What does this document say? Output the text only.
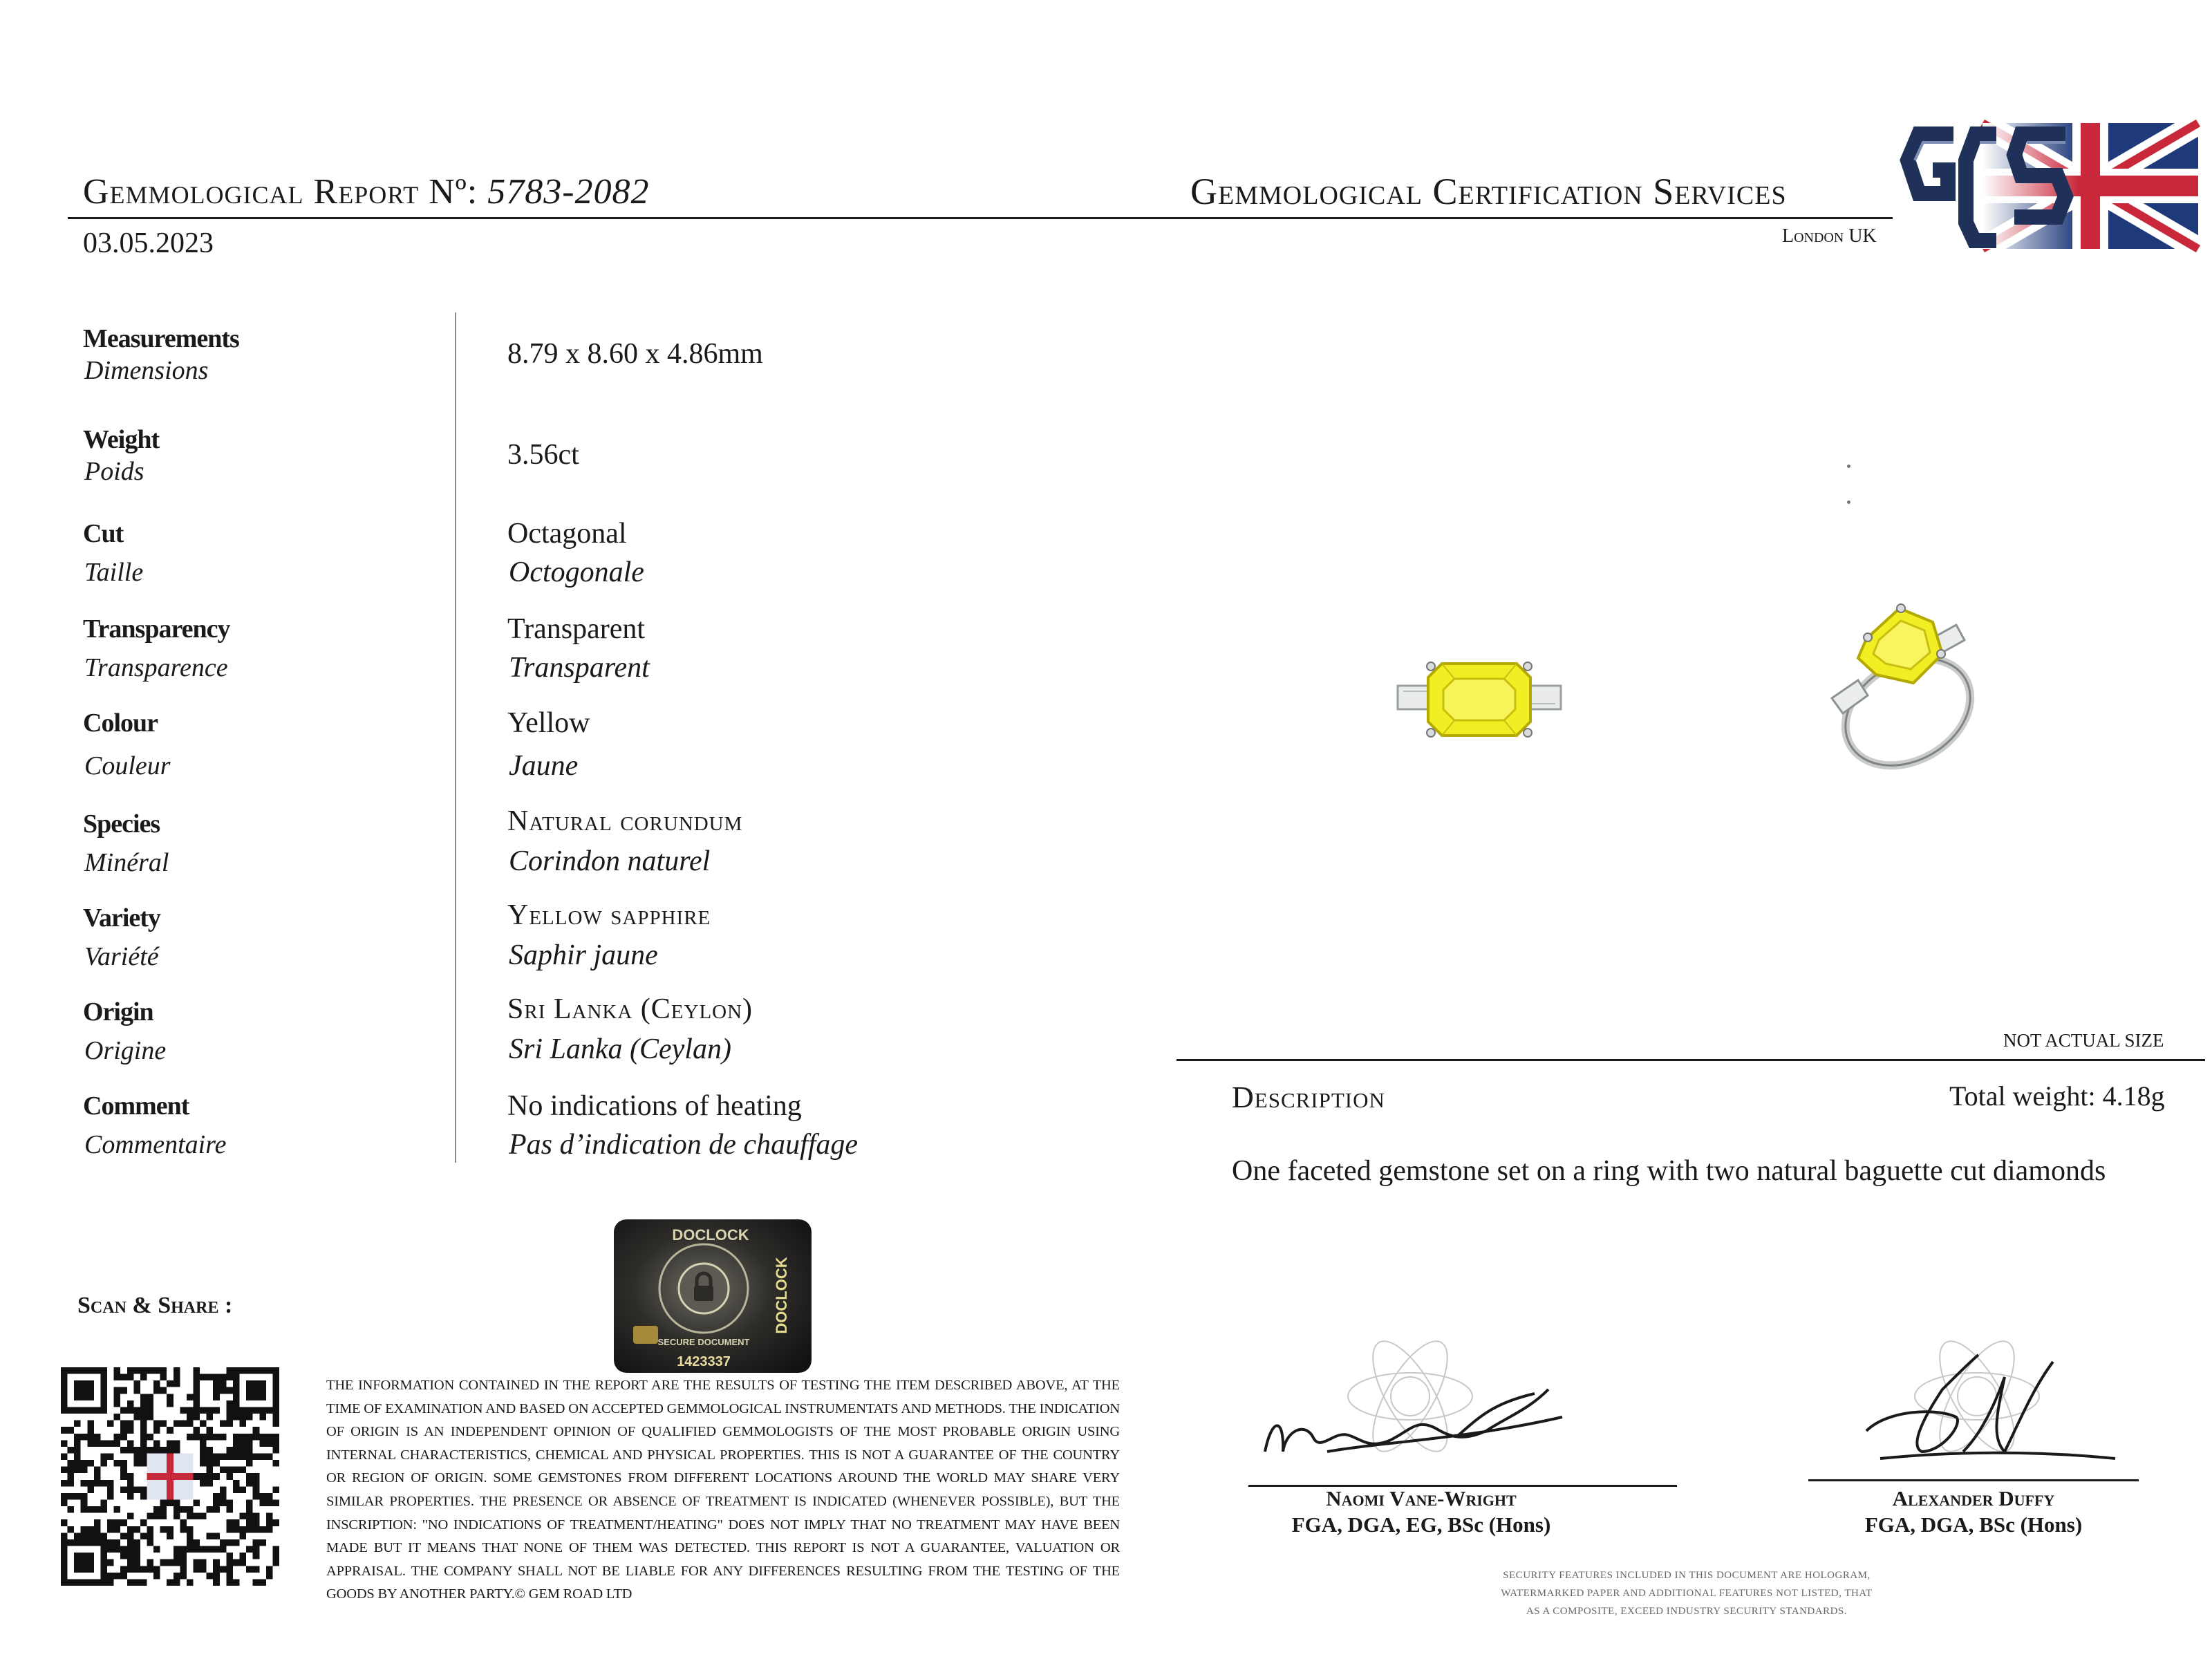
Gemmological Report Nº: 5783-2082
03.05.2023
Gemmological Certification Services
London UK
Measurements
Dimensions
8.79 x 8.60 x 4.86mm
Weight
Poids
3.56ct
Cut
Taille
Octagonal
Octogonale
Transparency
Transparence
Transparent
Transparent
Colour
Couleur
Yellow
Jaune
Species
Minéral
Natural corundum
Corindon naturel
Variety
Variété
Yellow sapphire
Saphir jaune
Origin
Origine
Sri Lanka (Ceylon)
Sri Lanka (Ceylan)
Comment
Commentaire
No indications of heating
Pas d’indication de chauffage
NOT ACTUAL SIZE
Description	Total weight: 4.18g
One faceted gemstone set on a ring with two natural baguette cut diamonds
Scan & Share :
DOCLOCK
SECURE DOCUMENT
1423337
DOCLOCK
THE INFORMATION CONTAINED IN THE REPORT ARE THE RESULTS OF TESTING THE ITEM DESCRIBED ABOVE, AT THE TIME OF EXAMINATION AND BASED ON ACCEPTED GEMMOLOGICAL INSTRUMENTATS AND METHODS. THE INDICATION OF ORIGIN IS AN INDEPENDENT OPINION OF QUALIFIED GEMMOLOGISTS OF THE MOST PROBABLE ORIGIN USING INTERNAL CHARACTERISTICS, CHEMICAL AND PHYSICAL PROPERTIES. THIS IS NOT A GUARANTEE OF THE COUNTRY OR REGION OF ORIGIN. SOME GEMSTONES FROM DIFFERENT LOCATIONS AROUND THE WORLD MAY SHARE VERY SIMILAR PROPERTIES. THE PRESENCE OR ABSENCE OF TREATMENT IS INDICATED (WHENEVER POSSIBLE), BUT THE INSCRIPTION: "NO INDICATIONS OF TREATMENT/HEATING" DOES NOT IMPLY THAT NO TREATMENT MAY HAVE BEEN MADE BUT IT MEANS THAT NONE OF THEM WAS DETECTED. THIS REPORT IS NOT A GUARANTEE, VALUATION OR APPRAISAL. THE COMPANY SHALL NOT BE LIABLE FOR ANY DIFFERENCES RESULTING FROM THE TESTING OF THE GOODS BY ANOTHER PARTY.© GEM ROAD LTD
Naomi Vane-Wright
FGA, DGA, EG, BSc (Hons)
Alexander Duffy
FGA, DGA, BSc (Hons)
SECURITY FEATURES INCLUDED IN THIS DOCUMENT ARE HOLOGRAM, WATERMARKED PAPER AND ADDITIONAL FEATURES NOT LISTED, THAT AS A COMPOSITE, EXCEED INDUSTRY SECURITY STANDARDS.
